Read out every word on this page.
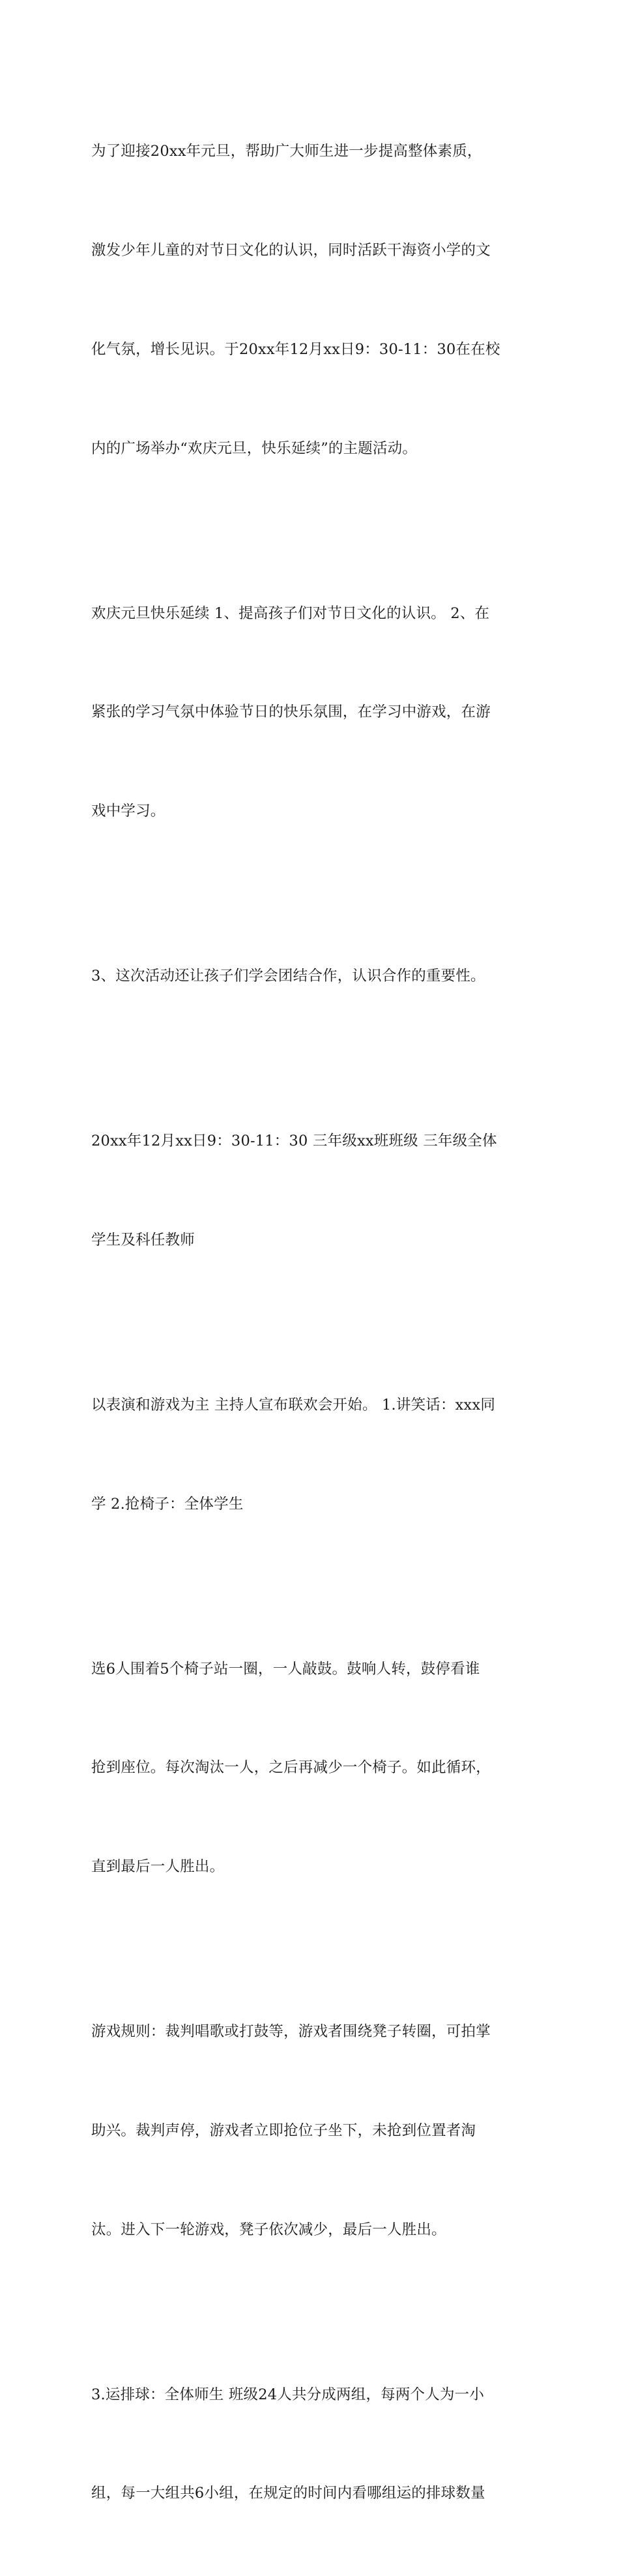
为了迎接20xx年元旦，帮助广大师生进一步提高整体素质，

激发少年儿童的对节日文化的认识，同时活跃干海资小学的文

化气氛，增长见识。于20xx年12月xx日9：30-11：30在在校

内的广场举办“欢庆元旦，快乐延续”的主题活动。

欢庆元旦快乐延续 1、提高孩子们对节日文化的认识。 2、在

紧张的学习气氛中体验节日的快乐氛围，在学习中游戏，在游

戏中学习。

3、这次活动还让孩子们学会团结合作，认识合作的重要性。

20xx年12月xx日9：30-11：30 三年级xx班班级 三年级全体

学生及科任教师

以表演和游戏为主 主持人宣布联欢会开始。 1.讲笑话：xxx同

学 2.抢椅子：全体学生

选6人围着5个椅子站一圈，一人敲鼓。鼓响人转，鼓停看谁

抢到座位。每次淘汰一人，之后再减少一个椅子。如此循环，

直到最后一人胜出。

游戏规则：裁判唱歌或打鼓等，游戏者围绕凳子转圈，可拍掌

助兴。裁判声停，游戏者立即抢位子坐下，未抢到位置者淘

汰。进入下一轮游戏，凳子依次减少，最后一人胜出。

3.运排球：全体师生 班级24人共分成两组，每两个人为一小

组，每一大组共6小组，在规定的时间内看哪组运的排球数量
